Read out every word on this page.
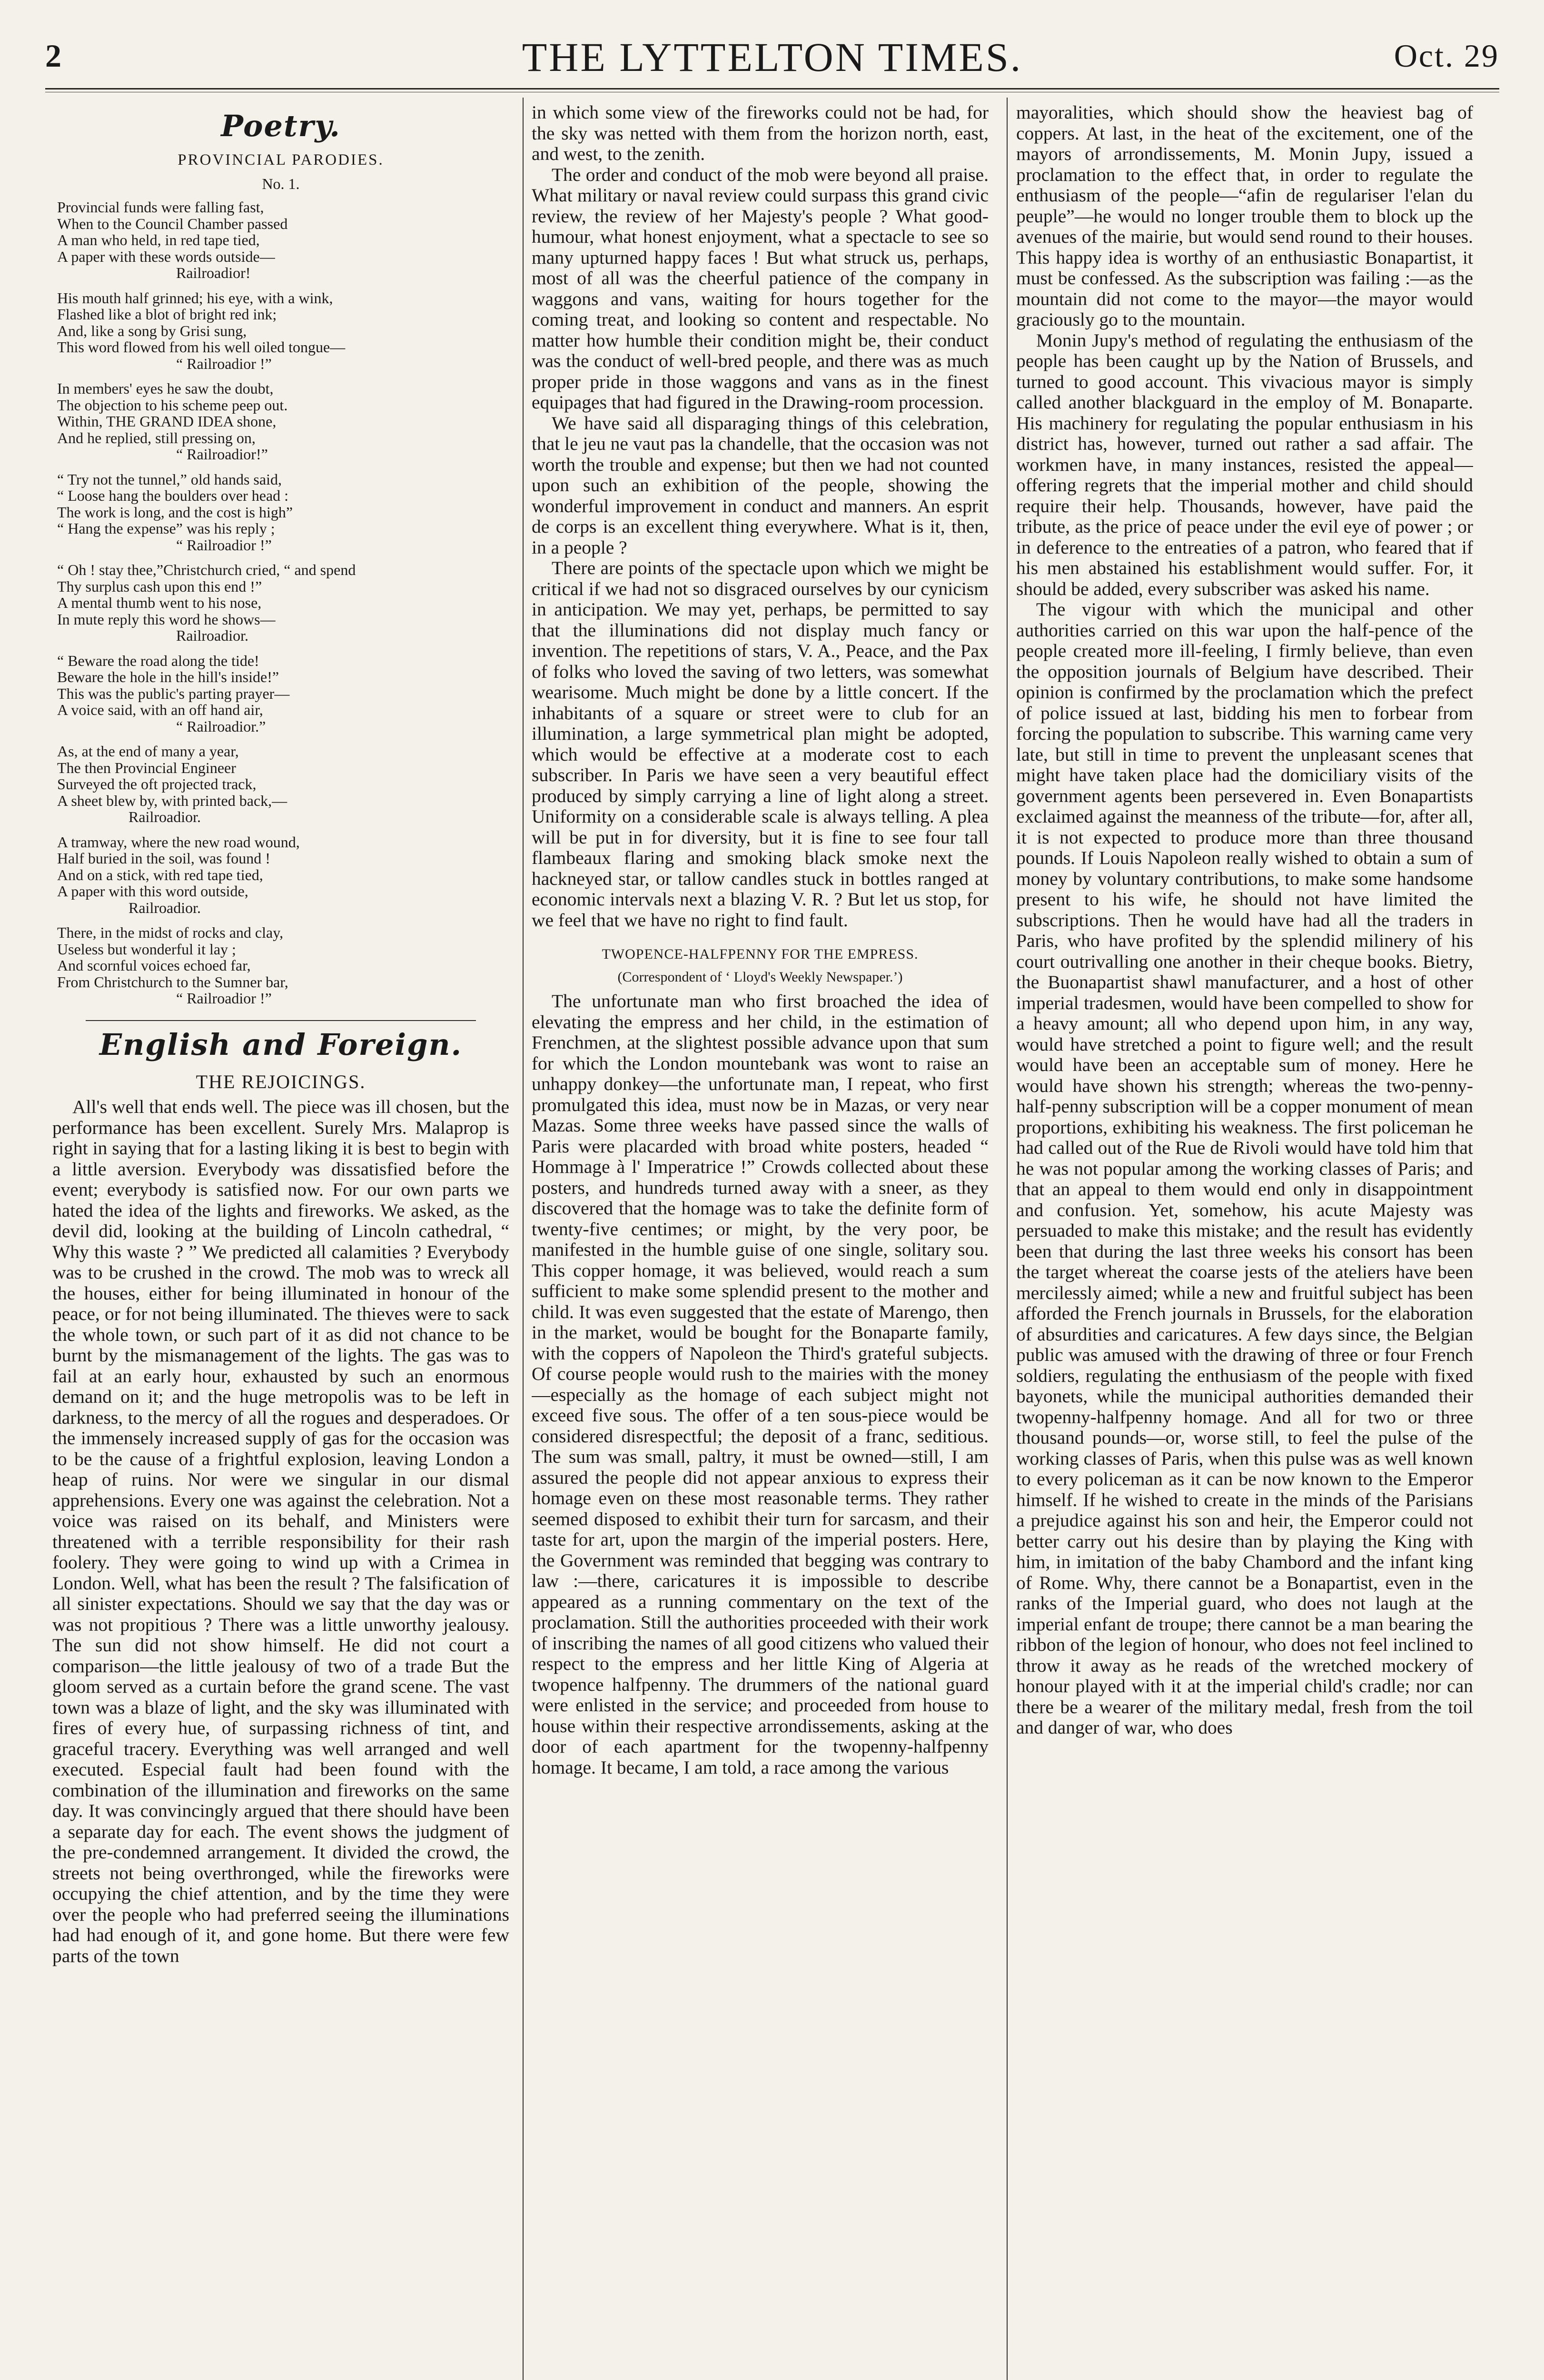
2	THE LYTTELTON TIMES.	Oct. 29
Poetry.
PROVINCIAL PARODIES.
No. 1.
Provincial funds were falling fast,
When to the Council Chamber passed
A man who held, in red tape tied,
A paper with these words outside—
Railroadior!
His mouth half grinned; his eye, with a wink,
Flashed like a blot of bright red ink;
And, like a song by Grisi sung,
This word flowed from his well oiled tongue—
“ Railroadior !”
In members' eyes he saw the doubt,
The objection to his scheme peep out.
Within, THE GRAND IDEA shone,
And he replied, still pressing on,
“ Railroadior!”
“ Try not the tunnel,” old hands said,
“ Loose hang the boulders over head :
The work is long, and the cost is high”
“ Hang the expense” was his reply ;
“ Railroadior !”
“ Oh ! stay thee,”Christchurch cried, “ and spend
Thy surplus cash upon this end !”
A mental thumb went to his nose,
In mute reply this word he shows—
Railroadior.
“ Beware the road along the tide!
Beware the hole in the hill's inside!”
This was the public's parting prayer—
A voice said, with an off hand air,
“ Railroadior.”
As, at the end of many a year,
The then Provincial Engineer
Surveyed the oft projected track,
A sheet blew by, with printed back,—
Railroadior.
A tramway, where the new road wound,
Half buried in the soil, was found !
And on a stick, with red tape tied,
A paper with this word outside,
Railroadior.
There, in the midst of rocks and clay,
Useless but wonderful it lay ;
And scornful voices echoed far,
From Christchurch to the Sumner bar,
“ Railroadior !”
English and Foreign.
THE REJOICINGS.

All's well that ends well. The piece was ill chosen, but the performance has been excellent. Surely Mrs. Malaprop is right in saying that for a lasting liking it is best to begin with a little aversion. Everybody was dissatisfied before the event; everybody is satisfied now. For our own parts we hated the idea of the lights and fireworks. We asked, as the devil did, looking at the building of Lincoln cathedral, “ Why this waste ? ” We predicted all calamities ? Everybody was to be crushed in the crowd. The mob was to wreck all the houses, either for being illuminated in honour of the peace, or for not being illuminated. The thieves were to sack the whole town, or such part of it as did not chance to be burnt by the mismanagement of the lights. The gas was to fail at an early hour, exhausted by such an enormous demand on it; and the huge metropolis was to be left in darkness, to the mercy of all the rogues and desperadoes. Or the immensely increased supply of gas for the occasion was to be the cause of a frightful explosion, leaving London a heap of ruins. Nor were we singular in our dismal apprehensions. Every one was against the celebration. Not a voice was raised on its behalf, and Ministers were threatened with a terrible responsibility for their rash foolery. They were going to wind up with a Crimea in London. Well, what has been the result ? The falsification of all sinister expectations. Should we say that the day was or was not propitious ? There was a little unworthy jealousy. The sun did not show himself. He did not court a comparison—the little jealousy of two of a trade But the gloom served as a curtain before the grand scene. The vast town was a blaze of light, and the sky was illuminated with fires of every hue, of surpassing richness of tint, and graceful tracery. Everything was well arranged and well executed. Especial fault had been found with the combination of the illumination and fireworks on the same day. It was convincingly argued that there should have been a separate day for each. The event shows the judgment of the pre-condemned arrangement. It divided the crowd, the streets not being overthronged, while the fireworks were occupying the chief attention, and by the time they were over the people who had preferred seeing the illuminations had had enough of it, and gone home. But there were few parts of the town

in which some view of the fireworks could not be had, for the sky was netted with them from the horizon north, east, and west, to the zenith.

The order and conduct of the mob were beyond all praise. What military or naval review could surpass this grand civic review, the review of her Majesty's people ? What good-humour, what honest enjoyment, what a spectacle to see so many upturned happy faces ! But what struck us, perhaps, most of all was the cheerful patience of the company in waggons and vans, waiting for hours together for the coming treat, and looking so content and respectable. No matter how humble their condition might be, their conduct was the conduct of well-bred people, and there was as much proper pride in those waggons and vans as in the finest equipages that had figured in the Drawing-room procession.

We have said all disparaging things of this celebration, that le jeu ne vaut pas la chandelle, that the occasion was not worth the trouble and expense; but then we had not counted upon such an exhibition of the people, showing the wonderful improvement in conduct and manners. An esprit de corps is an excellent thing everywhere. What is it, then, in a people ?

There are points of the spectacle upon which we might be critical if we had not so disgraced ourselves by our cynicism in anticipation. We may yet, perhaps, be permitted to say that the illuminations did not display much fancy or invention. The repetitions of stars, V. A., Peace, and the Pax of folks who loved the saving of two letters, was somewhat wearisome. Much might be done by a little concert. If the inhabitants of a square or street were to club for an illumination, a large symmetrical plan might be adopted, which would be effective at a moderate cost to each subscriber. In Paris we have seen a very beautiful effect produced by simply carrying a line of light along a street. Uniformity on a considerable scale is always telling. A plea will be put in for diversity, but it is fine to see four tall flambeaux flaring and smoking black smoke next the hackneyed star, or tallow candles stuck in bottles ranged at economic intervals next a blazing V. R. ? But let us stop, for we feel that we have no right to find fault.

TWOPENCE-HALFPENNY FOR THE EMPRESS.
(Correspondent of ‘ Lloyd's Weekly Newspaper.’)

The unfortunate man who first broached the idea of elevating the empress and her child, in the estimation of Frenchmen, at the slightest possible advance upon that sum for which the London mountebank was wont to raise an unhappy donkey—the unfortunate man, I repeat, who first promulgated this idea, must now be in Mazas, or very near Mazas. Some three weeks have passed since the walls of Paris were placarded with broad white posters, headed “ Hommage à l' Imperatrice !” Crowds collected about these posters, and hundreds turned away with a sneer, as they discovered that the homage was to take the definite form of twenty-five centimes; or might, by the very poor, be manifested in the humble guise of one single, solitary sou. This copper homage, it was believed, would reach a sum sufficient to make some splendid present to the mother and child. It was even suggested that the estate of Marengo, then in the market, would be bought for the Bonaparte family, with the coppers of Napoleon the Third's grateful subjects. Of course people would rush to the mairies with the money—especially as the homage of each subject might not exceed five sous. The offer of a ten sous-piece would be considered disrespectful; the deposit of a franc, seditious. The sum was small, paltry, it must be owned—still, I am assured the people did not appear anxious to express their homage even on these most reasonable terms. They rather seemed disposed to exhibit their turn for sarcasm, and their taste for art, upon the margin of the imperial posters. Here, the Government was reminded that begging was contrary to law :—there, caricatures it is impossible to describe appeared as a running commentary on the text of the proclamation. Still the authorities proceeded with their work of inscribing the names of all good citizens who valued their respect to the empress and her little King of Algeria at twopence halfpenny. The drummers of the national guard were enlisted in the service; and proceeded from house to house within their respective arrondissements, asking at the door of each apartment for the twopenny-halfpenny homage. It became, I am told, a race among the various

mayoralities, which should show the heaviest bag of coppers. At last, in the heat of the excitement, one of the mayors of arrondissements, M. Monin Jupy, issued a proclamation to the effect that, in order to regulate the enthusiasm of the people—“afin de regulariser l'elan du peuple”—he would no longer trouble them to block up the avenues of the mairie, but would send round to their houses. This happy idea is worthy of an enthusiastic Bonapartist, it must be confessed. As the subscription was failing :—as the mountain did not come to the mayor—the mayor would graciously go to the mountain.

Monin Jupy's method of regulating the enthusiasm of the people has been caught up by the Nation of Brussels, and turned to good account. This vivacious mayor is simply called another blackguard in the employ of M. Bonaparte. His machinery for regulating the popular enthusiasm in his district has, however, turned out rather a sad affair. The workmen have, in many instances, resisted the appeal—offering regrets that the imperial mother and child should require their help. Thousands, however, have paid the tribute, as the price of peace under the evil eye of power ; or in deference to the entreaties of a patron, who feared that if his men abstained his establishment would suffer. For, it should be added, every subscriber was asked his name.

The vigour with which the municipal and other authorities carried on this war upon the half-pence of the people created more ill-feeling, I firmly believe, than even the opposition journals of Belgium have described. Their opinion is confirmed by the proclamation which the prefect of police issued at last, bidding his men to forbear from forcing the population to subscribe. This warning came very late, but still in time to prevent the unpleasant scenes that might have taken place had the domiciliary visits of the government agents been persevered in. Even Bonapartists exclaimed against the meanness of the tribute—for, after all, it is not expected to produce more than three thousand pounds. If Louis Napoleon really wished to obtain a sum of money by voluntary contributions, to make some handsome present to his wife, he should not have limited the subscriptions. Then he would have had all the traders in Paris, who have profited by the splendid milinery of his court outrivalling one another in their cheque books. Bietry, the Buonapartist shawl manufacturer, and a host of other imperial tradesmen, would have been compelled to show for a heavy amount; all who depend upon him, in any way, would have stretched a point to figure well; and the result would have been an acceptable sum of money. Here he would have shown his strength; whereas the two-penny-half-penny subscription will be a copper monument of mean proportions, exhibiting his weakness. The first policeman he had called out of the Rue de Rivoli would have told him that he was not popular among the working classes of Paris; and that an appeal to them would end only in disappointment and confusion. Yet, somehow, his acute Majesty was persuaded to make this mistake; and the result has evidently been that during the last three weeks his consort has been the target whereat the coarse jests of the ateliers have been mercilessly aimed; while a new and fruitful subject has been afforded the French journals in Brussels, for the elaboration of absurdities and caricatures. A few days since, the Belgian public was amused with the drawing of three or four French soldiers, regulating the enthusiasm of the people with fixed bayonets, while the municipal authorities demanded their twopenny-halfpenny homage. And all for two or three thousand pounds—or, worse still, to feel the pulse of the working classes of Paris, when this pulse was as well known to every policeman as it can be now known to the Emperor himself. If he wished to create in the minds of the Parisians a prejudice against his son and heir, the Emperor could not better carry out his desire than by playing the King with him, in imitation of the baby Chambord and the infant king of Rome. Why, there cannot be a Bonapartist, even in the ranks of the Imperial guard, who does not laugh at the imperial enfant de troupe; there cannot be a man bearing the ribbon of the legion of honour, who does not feel inclined to throw it away as he reads of the wretched mockery of honour played with it at the imperial child's cradle; nor can there be a wearer of the military medal, fresh from the toil and danger of war, who does
